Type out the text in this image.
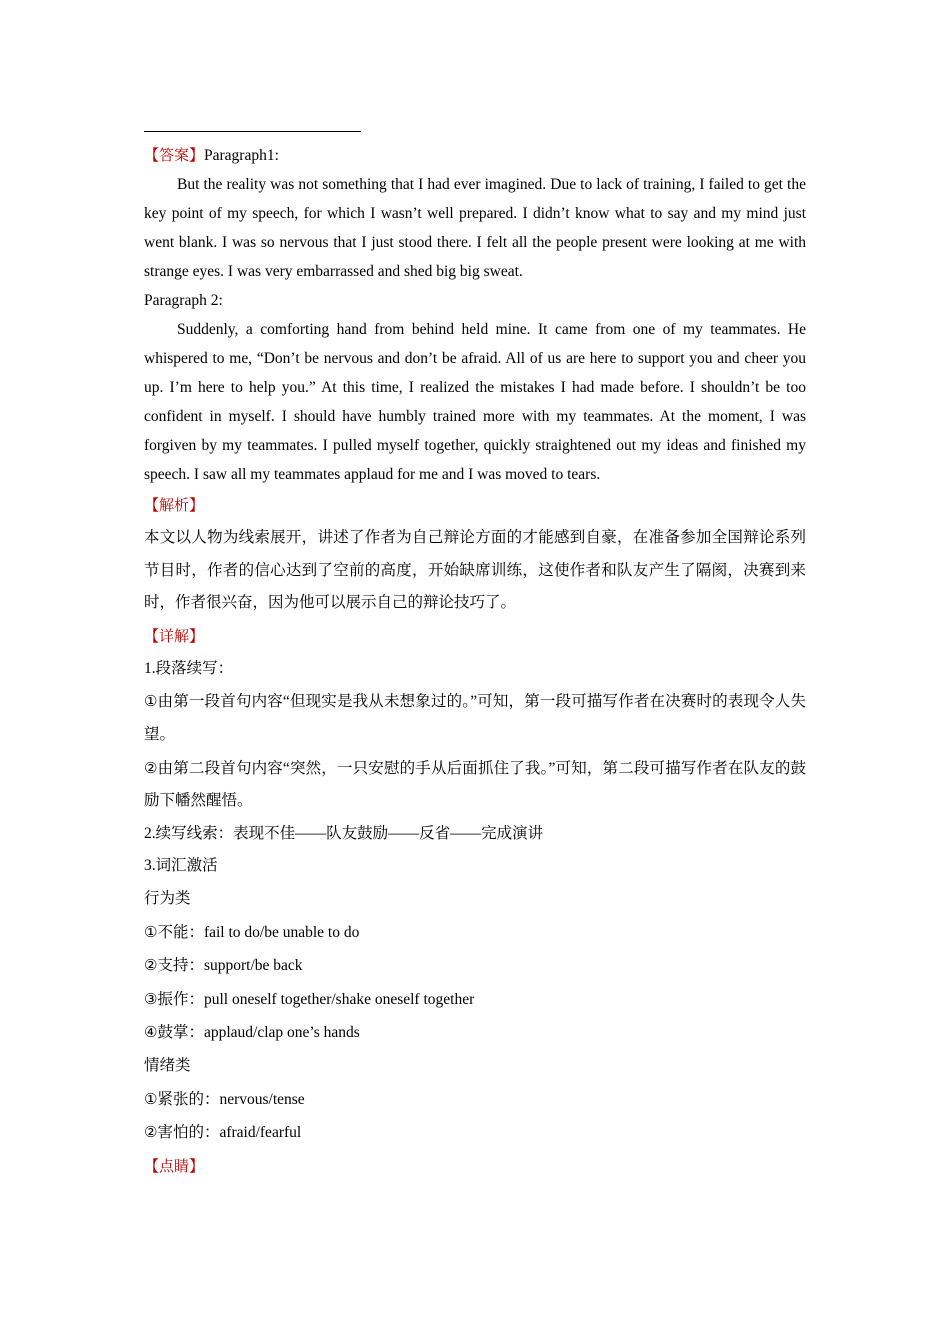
【答案】Paragraph1:

But the reality was not something that I had ever imagined. Due to lack of training, I failed to get the key point of my speech, for which I wasn’t well prepared. I didn’t know what to say and my mind just went blank. I was so nervous that I just stood there. I felt all the people present were looking at me with strange eyes. I was very embarrassed and shed big big sweat.

Paragraph 2:

Suddenly, a comforting hand from behind held mine. It came from one of my teammates. He whispered to me, “Don’t be nervous and don’t be afraid. All of us are here to support you and cheer you up. I’m here to help you.” At this time, I realized the mistakes I had made before. I shouldn’t be too confident in myself. I should have humbly trained more with my teammates. At the moment, I was forgiven by my teammates. I pulled myself together, quickly straightened out my ideas and finished my speech. I saw all my teammates applaud for me and I was moved to tears.

【解析】

本文以人物为线索展开，讲述了作者为自己辩论方面的才能感到自豪，在准备参加全国辩论系列节目时，作者的信心达到了空前的高度，开始缺席训练，这使作者和队友产生了隔阂，决赛到来时，作者很兴奋，因为他可以展示自己的辩论技巧了。

【详解】

1.段落续写：

①由第一段首句内容“但现实是我从未想象过的。”可知，第一段可描写作者在决赛时的表现令人失望。

②由第二段首句内容“突然，一只安慰的手从后面抓住了我。”可知，第二段可描写作者在队友的鼓励下幡然醒悟。

2.续写线索：表现不佳——队友鼓励——反省——完成演讲

3.词汇激活

行为类

①不能：fail to do/be unable to do

②支持：support/be back

③振作：pull oneself together/shake oneself together

④鼓掌：applaud/clap one’s hands

情绪类

①紧张的：nervous/tense

②害怕的：afraid/fearful

【点睛】
